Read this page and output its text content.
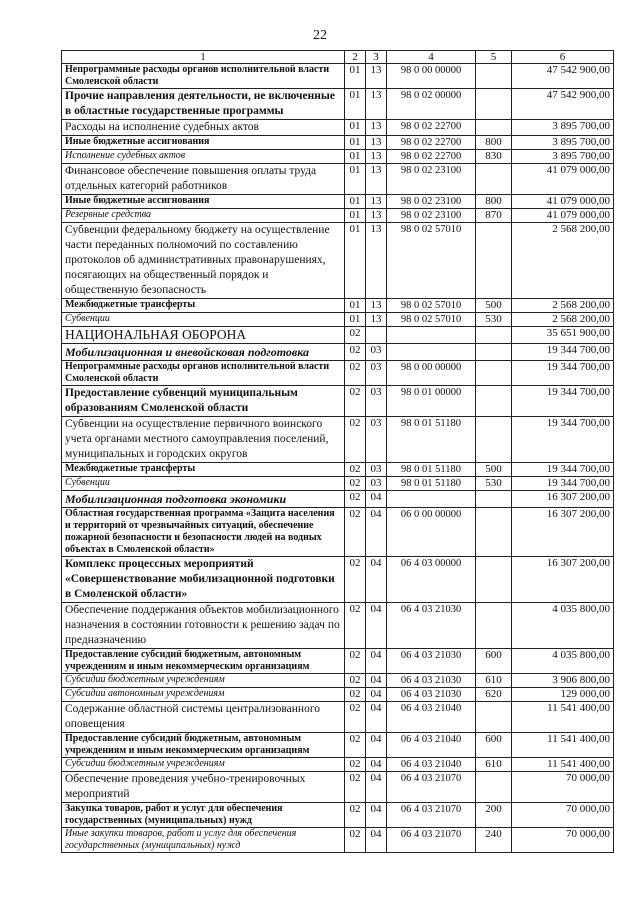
22
1	2	3	4	5	6
Непрограммные расходы органов исполнительной власти Смоленской области	01	13	98 0 00 00000		47 542 900,00
Прочие направления деятельности, не включенные в областные государственные программы	01	13	98 0 02 00000		47 542 900,00
Расходы на исполнение судебных актов	01	13	98 0 02 22700		3 895 700,00
Иные бюджетные ассигнования	01	13	98 0 02 22700	800	3 895 700,00
Исполнение судебных актов	01	13	98 0 02 22700	830	3 895 700,00
Финансовое обеспечение повышения оплаты труда отдельных категорий работников	01	13	98 0 02 23100		41 079 000,00
Иные бюджетные ассигнования	01	13	98 0 02 23100	800	41 079 000,00
Резервные средства	01	13	98 0 02 23100	870	41 079 000,00
Субвенции федеральному бюджету на осуществление части переданных полномочий по составлению протоколов об административных правонарушениях, посягающих на общественный порядок и общественную безопасность	01	13	98 0 02 57010		2 568 200,00
Межбюджетные трансферты	01	13	98 0 02 57010	500	2 568 200,00
Субвенции	01	13	98 0 02 57010	530	2 568 200,00
НАЦИОНАЛЬНАЯ ОБОРОНА	02				35 651 900,00
Мобилизационная и вневойсковая подготовка	02	03			19 344 700,00
Непрограммные расходы органов исполнительной власти Смоленской области	02	03	98 0 00 00000		19 344 700,00
Предоставление субвенций муниципальным образованиям Смоленской области	02	03	98 0 01 00000		19 344 700,00
Субвенции на осуществление первичного воинского учета органами местного самоуправления поселений, муниципальных и городских округов	02	03	98 0 01 51180		19 344 700,00
Межбюджетные трансферты	02	03	98 0 01 51180	500	19 344 700,00
Субвенции	02	03	98 0 01 51180	530	19 344 700,00
Мобилизационная подготовка экономики	02	04			16 307 200,00
Областная государственная программа «Защита населения и территорий от чрезвычайных ситуаций, обеспечение пожарной безопасности и безопасности людей на водных объектах в Смоленской области»	02	04	06 0 00 00000		16 307 200,00
Комплекс процессных мероприятий «Совершенствование мобилизационной подготовки в Смоленской области»	02	04	06 4 03 00000		16 307 200,00
Обеспечение поддержания объектов мобилизационного назначения в состоянии готовности к решению задач по предназначению	02	04	06 4 03 21030		4 035 800,00
Предоставление субсидий бюджетным, автономным учреждениям и иным некоммерческим организациям	02	04	06 4 03 21030	600	4 035 800,00
Субсидии бюджетным учреждениям	02	04	06 4 03 21030	610	3 906 800,00
Субсидии автономным учреждениям	02	04	06 4 03 21030	620	129 000,00
Содержание областной системы централизованного оповещения	02	04	06 4 03 21040		11 541 400,00
Предоставление субсидий бюджетным, автономным учреждениям и иным некоммерческим организациям	02	04	06 4 03 21040	600	11 541 400,00
Субсидии бюджетным учреждениям	02	04	06 4 03 21040	610	11 541 400,00
Обеспечение проведения учебно-тренировочных мероприятий	02	04	06 4 03 21070		70 000,00
Закупка товаров, работ и услуг для обеспечения государственных (муниципальных) нужд	02	04	06 4 03 21070	200	70 000,00
Иные закупки товаров, работ и услуг для обеспечения государственных (муниципальных) нужд	02	04	06 4 03 21070	240	70 000,00
